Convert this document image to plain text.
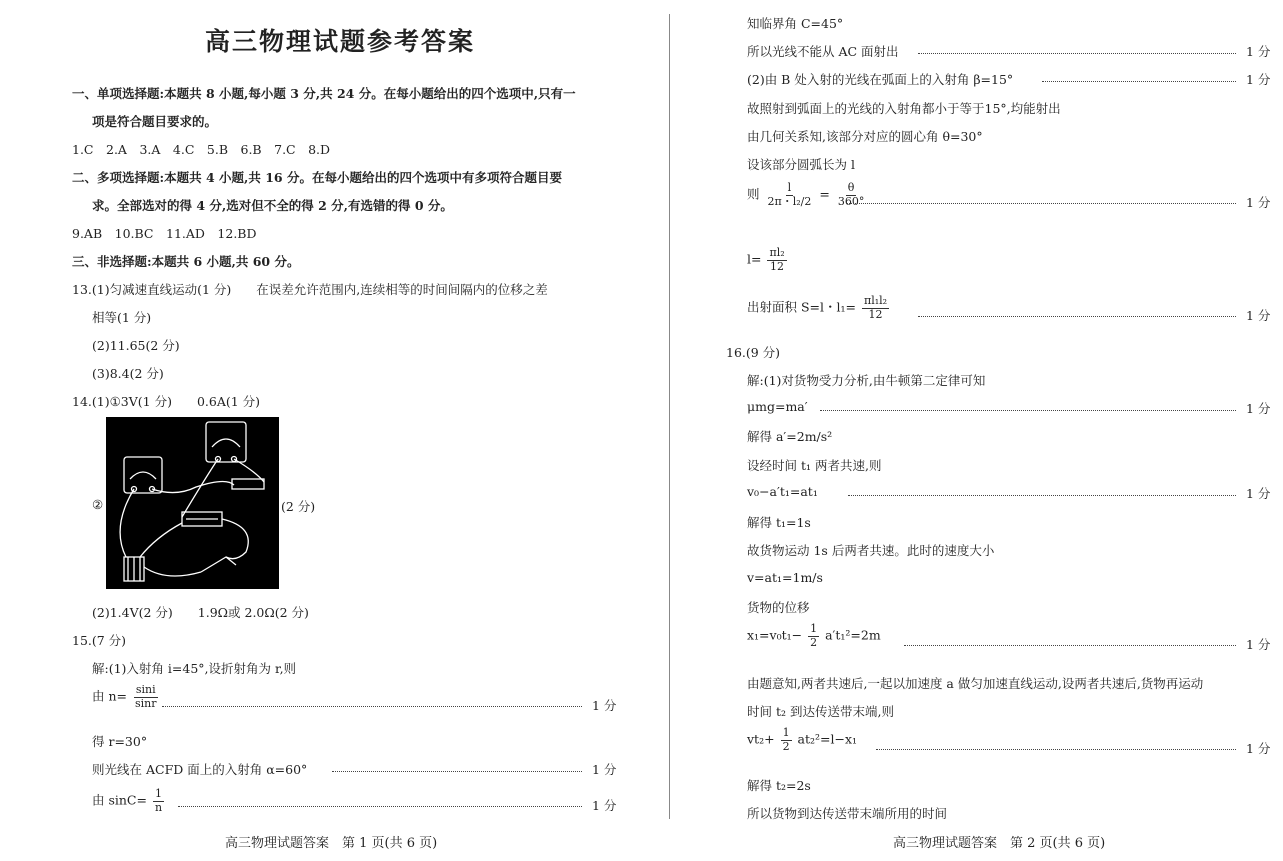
高三物理试题参考答案
一、单项选择题:本题共 8 小题,每小题 3 分,共 24 分。在每小题给出的四个选项中,只有一
项是符合题目要求的。
1.C　2.A　3.A　4.C　5.B　6.B　7.C　8.D
二、多项选择题:本题共 4 小题,共 16 分。在每小题给出的四个选项中有多项符合题目要
求。全部选对的得 4 分,选对但不全的得 2 分,有选错的得 0 分。
9.AB　10.BC　11.AD　12.BD
三、非选择题:本题共 6 小题,共 60 分。
13.(1)匀减速直线运动(1 分)　　在误差允许范围内,连续相等的时间间隔内的位移之差
相等(1 分)
(2)11.65(2 分)
(3)8.4(2 分)
14.(1)①3V(1 分)　　0.6A(1 分)
②	(2 分)
(2)1.4V(2 分)　　1.9Ω或 2.0Ω(2 分)
15.(7 分)
解:(1)入射角 i=45°,设折射角为 r,则
由 $n= \frac{\sin i}{\sin r}$	1 分
得 r=30°
则光线在 ACFD 面上的入射角 α=60°	1 分
由 $\sin C= \frac{1}{n}$	1 分
高三物理试题答案　第 1 页(共 6 页)
知临界角 C=45°
所以光线不能从 AC 面射出	1 分
(2)由 B 处入射的光线在弧面上的入射角 β=15°	1 分
故照射到弧面上的光线的入射角都小于等于15°,均能射出
由几何关系知,该部分对应的圆心角 θ=30°
设该部分圆弧长为 l
则 $\frac{l}{\text{2π・l₂/2}} = \frac{\theta}{360^\circ}$	1 分
$l= \frac{\text{πl₂}}{12}$
出射面积 S=l・$l_1= \frac{\text{πl₁l₂}}{12}$	1 分
16.(9 分)
解:(1)对货物受力分析,由牛顿第二定律可知
μmg=ma′	1 分
解得 a′=2m/s²
设经时间 t₁ 两者共速,则
v₀−a′t₁=at₁	1 分
解得 t₁=1s
故货物运动 1s 后两者共速。此时的速度大小
v=at₁=1m/s
货物的位移
$x_1=v_0t_1- \frac{1}{2} a't_1^2=2m$
1 分
由题意知,两者共速后,一起以加速度 a 做匀加速直线运动,设两者共速后,货物再运动
时间 t₂ 到达传送带末端,则
$vt_2+ \frac{1}{2} at_2^2=l-x_1$
1 分
解得 t₂=2s
所以货物到达传送带末端所用的时间
高三物理试题答案　第 2 页(共 6 页)
